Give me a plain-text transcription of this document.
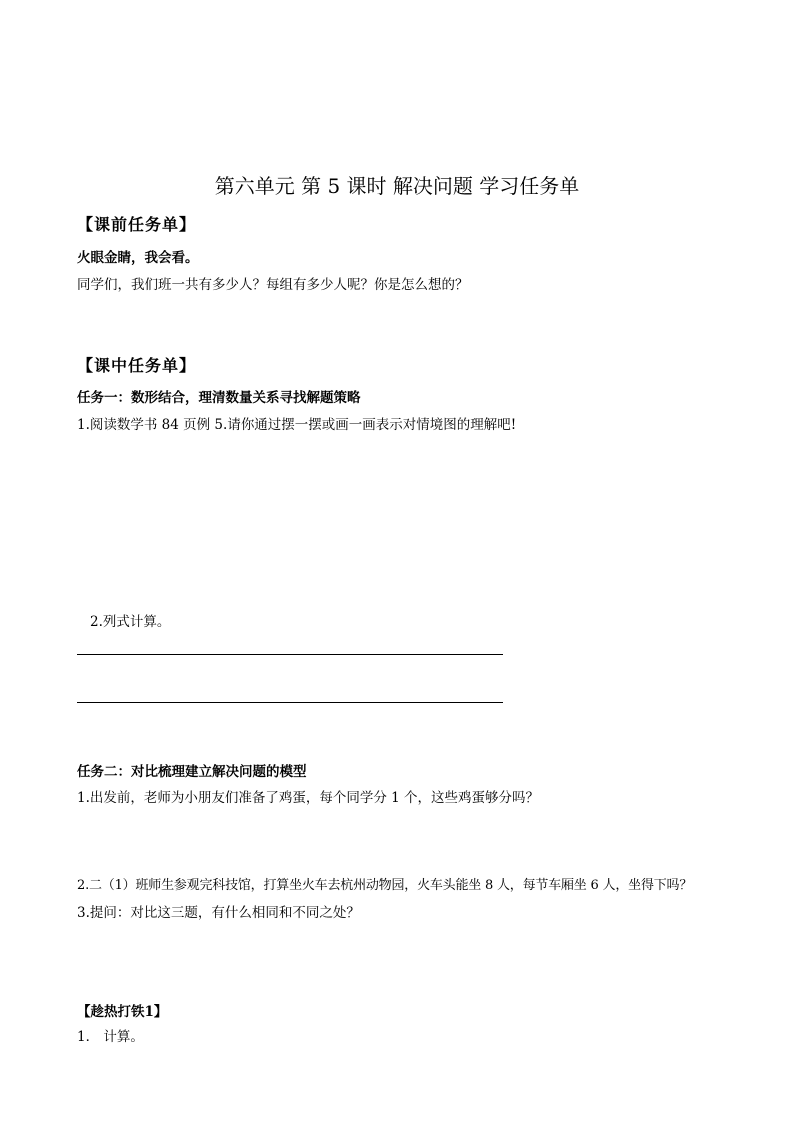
第六单元 第 5 课时 解决问题 学习任务单
【课前任务单】
火眼金睛，我会看。
同学们，我们班一共有多少人？每组有多少人呢？你是怎么想的？
【课中任务单】
任务一：数形结合，理清数量关系寻找解题策略
1.阅读数学书 84 页例 5.请你通过摆一摆或画一画表示对情境图的理解吧!
2.列式计算。
任务二：对比梳理建立解决问题的模型
1.出发前，老师为小朋友们准备了鸡蛋，每个同学分 1 个，这些鸡蛋够分吗？
2.二（1）班师生参观完科技馆，打算坐火车去杭州动物园，火车头能坐 8 人，每节车厢坐 6 人，坐得下吗？
3.提问：对比这三题，有什么相同和不同之处？
【趁热打铁1】
1． 计算。
